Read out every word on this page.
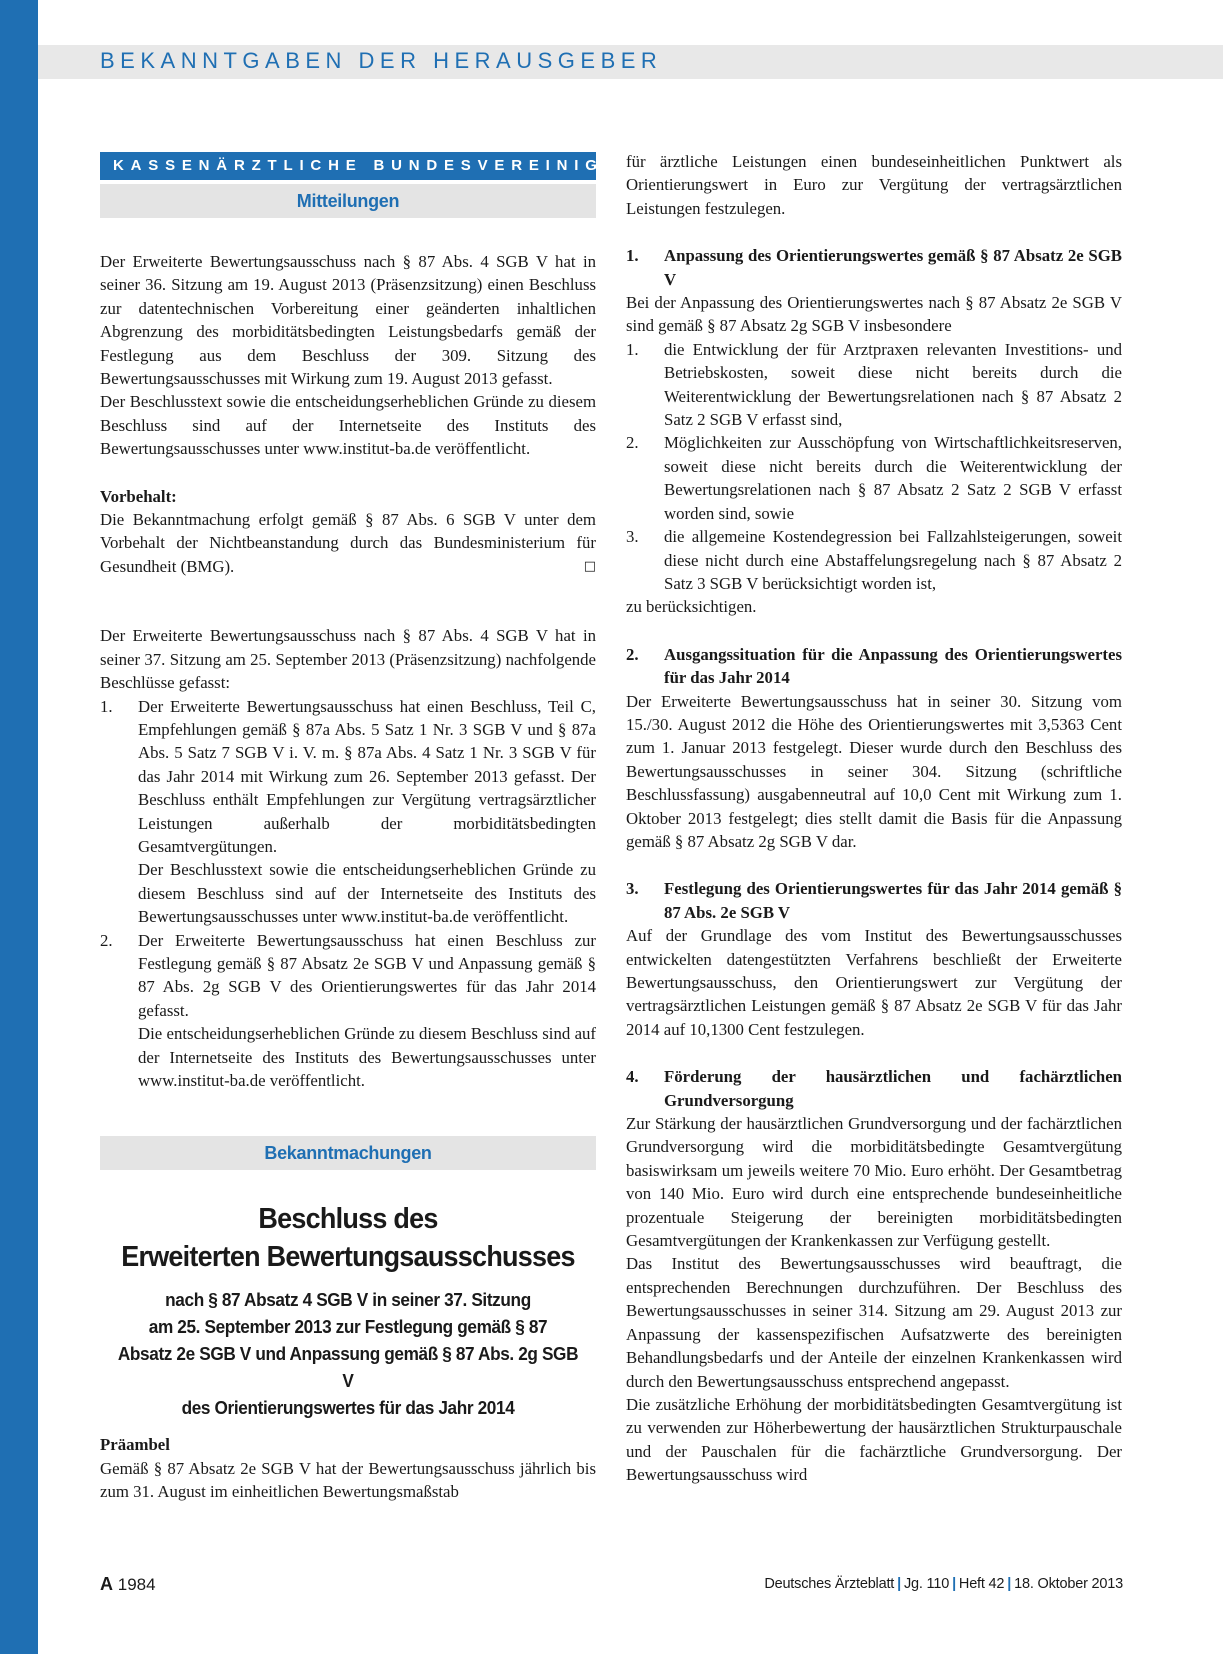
BEKANNTGABEN DER HERAUSGEBER
KASSENÄRZTLICHE BUNDESVEREINIGUNG
Mitteilungen

Der Erweiterte Bewertungsausschuss nach § 87 Abs. 4 SGB V hat in seiner 36. Sitzung am 19. August 2013 (Präsenzsitzung) einen Beschluss zur datentechnischen Vorbereitung einer geänderten inhaltlichen Abgrenzung des morbiditätsbedingten Leistungsbedarfs gemäß der Festlegung aus dem Beschluss der 309. Sitzung des Bewertungsausschusses mit Wirkung zum 19. August 2013 gefasst.

Der Beschlusstext sowie die entscheidungserheblichen Gründe zu diesem Beschluss sind auf der Internetseite des Instituts des Bewertungsausschusses unter www.institut-ba.de veröffentlicht.

Vorbehalt:

Die Bekanntmachung erfolgt gemäß § 87 Abs. 6 SGB V unter dem Vorbehalt der Nichtbeanstandung durch das Bundesministerium für Gesundheit (BMG).	□

Der Erweiterte Bewertungsausschuss nach § 87 Abs. 4 SGB V hat in seiner 37. Sitzung am 25. September 2013 (Präsenzsitzung) nachfolgende Beschlüsse gefasst:

1. Der Erweiterte Bewertungsausschuss hat einen Beschluss, Teil C, Empfehlungen gemäß § 87a Abs. 5 Satz 1 Nr. 3 SGB V und § 87a Abs. 5 Satz 7 SGB V i. V. m. § 87a Abs. 4 Satz 1 Nr. 3 SGB V für das Jahr 2014 mit Wirkung zum 26. September 2013 gefasst. Der Beschluss enthält Empfehlungen zur Vergütung vertragsärztlicher Leistungen außerhalb der morbiditätsbedingten Gesamtvergütungen.

Der Beschlusstext sowie die entscheidungserheblichen Gründe zu diesem Beschluss sind auf der Internetseite des Instituts des Bewertungsausschusses unter www.institut-ba.de veröffentlicht.

2. Der Erweiterte Bewertungsausschuss hat einen Beschluss zur Festlegung gemäß § 87 Absatz 2e SGB V und Anpassung gemäß § 87 Abs. 2g SGB V des Orientierungswertes für das Jahr 2014 gefasst.

Die entscheidungserheblichen Gründe zu diesem Beschluss sind auf der Internetseite des Instituts des Bewertungsausschusses unter www.institut-ba.de veröffentlicht.

Bekanntmachungen
Beschluss des
Erweiterten Bewertungsausschusses
nach § 87 Absatz 4 SGB V in seiner 37. Sitzung
am 25. September 2013 zur Festlegung gemäß § 87
Absatz 2e SGB V und Anpassung gemäß § 87 Abs. 2g SGB V
des Orientierungswertes für das Jahr 2014

Präambel

Gemäß § 87 Absatz 2e SGB V hat der Bewertungsausschuss jährlich bis zum 31. August im einheitlichen Bewertungsmaßstab

für ärztliche Leistungen einen bundeseinheitlichen Punktwert als Orientierungswert in Euro zur Vergütung der vertragsärztlichen Leistungen festzulegen.

1. Anpassung des Orientierungswertes gemäß § 87 Absatz 2e SGB V

Bei der Anpassung des Orientierungswertes nach § 87 Absatz 2e SGB V sind gemäß § 87 Absatz 2g SGB V insbesondere

1. die Entwicklung der für Arztpraxen relevanten Investitions- und Betriebskosten, soweit diese nicht bereits durch die Weiterentwicklung der Bewertungsrelationen nach § 87 Absatz 2 Satz 2 SGB V erfasst sind,

2. Möglichkeiten zur Ausschöpfung von Wirtschaftlichkeitsreserven, soweit diese nicht bereits durch die Weiterentwicklung der Bewertungsrelationen nach § 87 Absatz 2 Satz 2 SGB V erfasst worden sind, sowie

3. die allgemeine Kostendegression bei Fallzahlsteigerungen, soweit diese nicht durch eine Abstaffelungsregelung nach § 87 Absatz 2 Satz 3 SGB V berücksichtigt worden ist,

zu berücksichtigen.

2. Ausgangssituation für die Anpassung des Orientierungswertes für das Jahr 2014

Der Erweiterte Bewertungsausschuss hat in seiner 30. Sitzung vom 15./30. August 2012 die Höhe des Orientierungswertes mit 3,5363 Cent zum 1. Januar 2013 festgelegt. Dieser wurde durch den Beschluss des Bewertungsausschusses in seiner 304. Sitzung (schriftliche Beschlussfassung) ausgabenneutral auf 10,0 Cent mit Wirkung zum 1. Oktober 2013 festgelegt; dies stellt damit die Basis für die Anpassung gemäß § 87 Absatz 2g SGB V dar.

3. Festlegung des Orientierungswertes für das Jahr 2014 gemäß § 87 Abs. 2e SGB V

Auf der Grundlage des vom Institut des Bewertungsausschusses entwickelten datengestützten Verfahrens beschließt der Erweiterte Bewertungsausschuss, den Orientierungswert zur Vergütung der vertragsärztlichen Leistungen gemäß § 87 Absatz 2e SGB V für das Jahr 2014 auf 10,1300 Cent festzulegen.

4. Förderung der hausärztlichen und fachärztlichen Grundversorgung

Zur Stärkung der hausärztlichen Grundversorgung und der fachärztlichen Grundversorgung wird die morbiditätsbedingte Gesamtvergütung basiswirksam um jeweils weitere 70 Mio. Euro erhöht. Der Gesamtbetrag von 140 Mio. Euro wird durch eine entsprechende bundeseinheitliche prozentuale Steigerung der bereinigten morbiditätsbedingten Gesamtvergütungen der Krankenkassen zur Verfügung gestellt.

Das Institut des Bewertungsausschusses wird beauftragt, die entsprechenden Berechnungen durchzuführen. Der Beschluss des Bewertungsausschusses in seiner 314. Sitzung am 29. August 2013 zur Anpassung der kassenspezifischen Aufsatzwerte des bereinigten Behandlungsbedarfs und der Anteile der einzelnen Krankenkassen wird durch den Bewertungsausschuss entsprechend angepasst.

Die zusätzliche Erhöhung der morbiditätsbedingten Gesamtvergütung ist zu verwenden zur Höherbewertung der hausärztlichen Strukturpauschale und der Pauschalen für die fachärztliche Grundversorgung. Der Bewertungsausschuss wird

A 1984	Deutsches Ärzteblatt | Jg. 110 | Heft 42 | 18. Oktober 2013
